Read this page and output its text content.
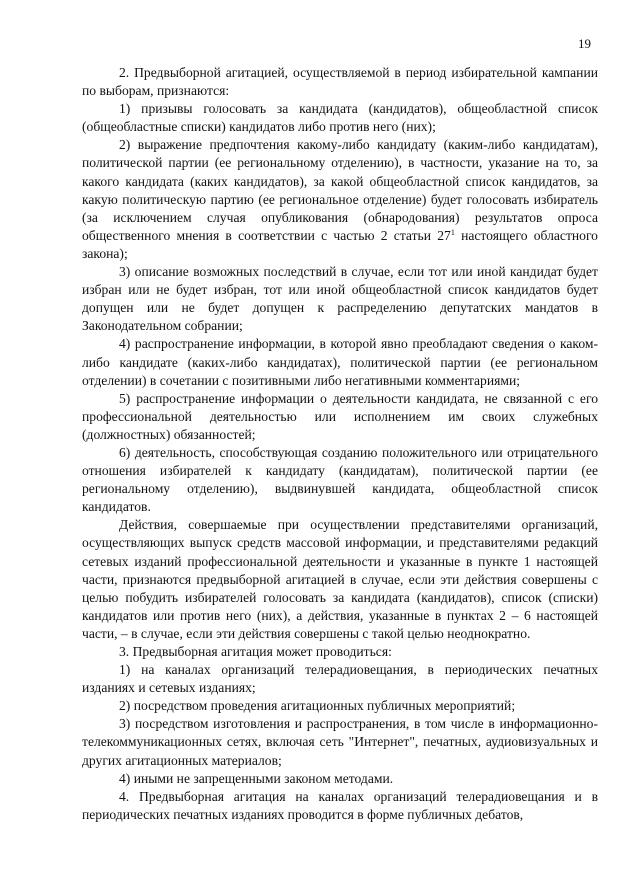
19

2. Предвыборной агитацией, осуществляемой в период избирательной кампании по выборам, признаются:

1) призывы голосовать за кандидата (кандидатов), общеобластной список (общеобластные списки) кандидатов либо против него (них);

2) выражение предпочтения какому-либо кандидату (каким-либо кандидатам), политической партии (ее региональному отделению), в частности, указание на то, за какого кандидата (каких кандидатов), за какой общеобластной список кандидатов, за какую политическую партию (ее региональное отделение) будет голосовать избиратель (за исключением случая опубликования (обнародования) результатов опроса общественного мнения в соответствии с частью 2 статьи $27^1$ настоящего областного закона);

3) описание возможных последствий в случае, если тот или иной кандидат будет избран или не будет избран, тот или иной общеобластной список кандидатов будет допущен или не будет допущен к распределению депутатских мандатов в Законодательном собрании;

4) распространение информации, в которой явно преобладают сведения о каком-либо кандидате (каких-либо кандидатах), политической партии (ее региональном отделении) в сочетании с позитивными либо негативными комментариями;

5) распространение информации о деятельности кандидата, не связанной с его профессиональной деятельностью или исполнением им своих служебных (должностных) обязанностей;

6) деятельность, способствующая созданию положительного или отрицательного отношения избирателей к кандидату (кандидатам), политической партии (ее региональному отделению), выдвинувшей кандидата, общеобластной список кандидатов.

Действия, совершаемые при осуществлении представителями организаций, осуществляющих выпуск средств массовой информации, и представителями редакций сетевых изданий профессиональной деятельности и указанные в пункте 1 настоящей части, признаются предвыборной агитацией в случае, если эти действия совершены с целью побудить избирателей голосовать за кандидата (кандидатов), список (списки) кандидатов или против него (них), а действия, указанные в пунктах 2 – 6 настоящей части, – в случае, если эти действия совершены с такой целью неоднократно.

3. Предвыборная агитация может проводиться:

1) на каналах организаций телерадиовещания, в периодических печатных изданиях и сетевых изданиях;

2) посредством проведения агитационных публичных мероприятий;

3) посредством изготовления и распространения, в том числе в информационно-телекоммуникационных сетях, включая сеть "Интернет", печатных, аудиовизуальных и других агитационных материалов;

4) иными не запрещенными законом методами.

4. Предвыборная агитация на каналах организаций телерадиовещания и в периодических печатных изданиях проводится в форме публичных дебатов,
